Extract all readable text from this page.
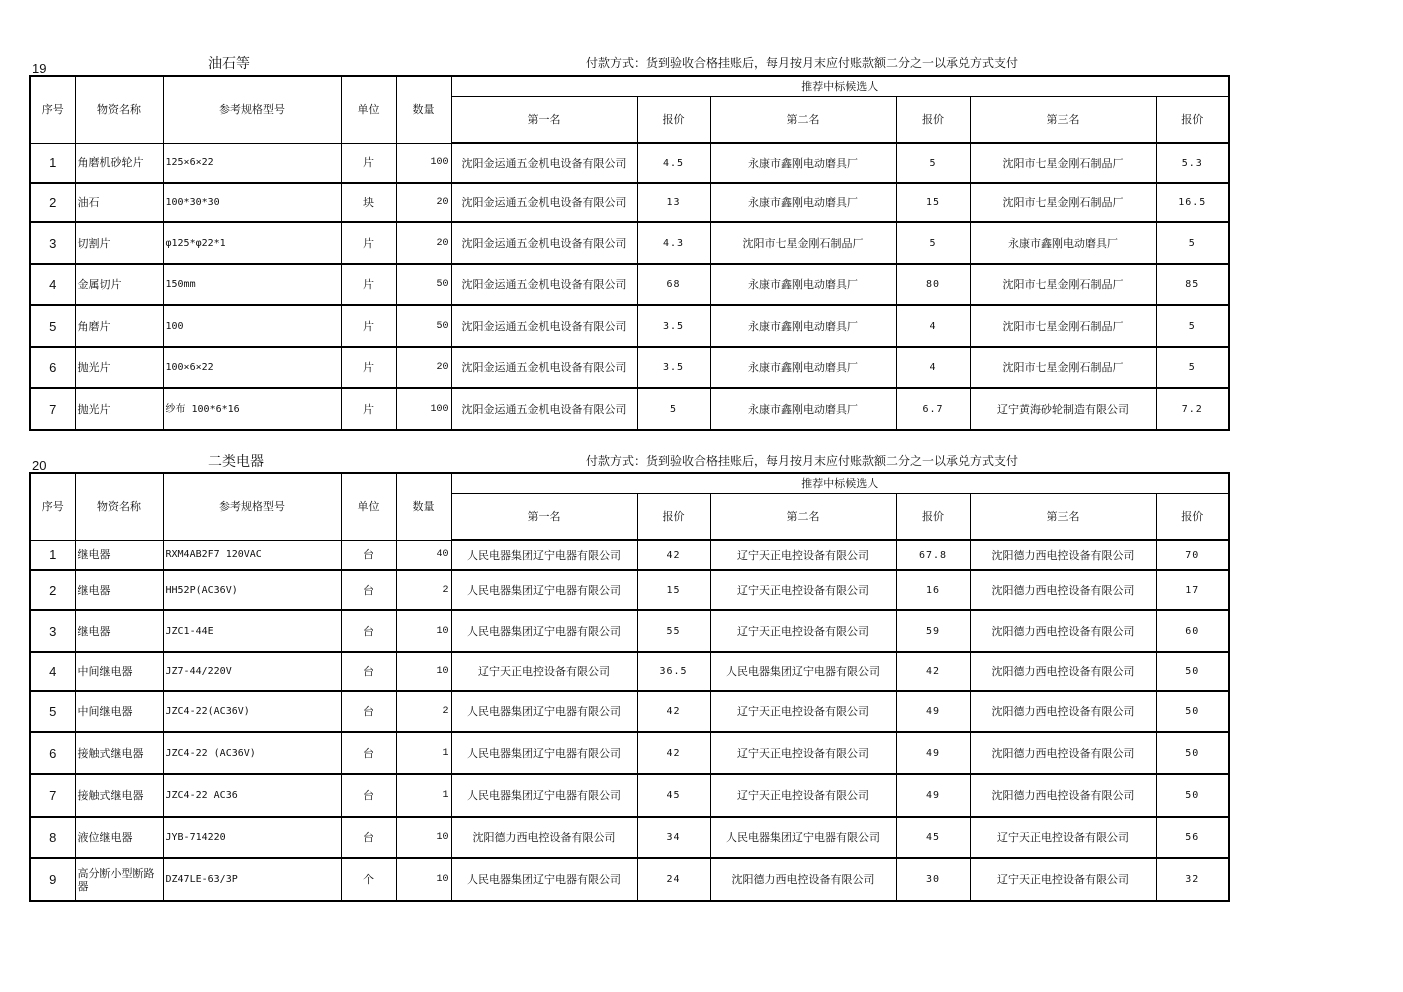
19	油石等	付款方式：货到验收合格挂账后，每月按月末应付账款额二分之一以承兑方式支付
序号	物资名称	参考规格型号	单位	数量	推荐中标候选人					
					第一名	报价	第二名	报价	第三名	报价
1	角磨机砂轮片	125×6×22	片	100	沈阳金运通五金机电设备有限公司	4.5	永康市鑫刚电动磨具厂	5	沈阳市七星金刚石制品厂	5.3
2	油石	100*30*30	块	20	沈阳金运通五金机电设备有限公司	13	永康市鑫刚电动磨具厂	15	沈阳市七星金刚石制品厂	16.5
3	切割片	φ125*φ22*1	片	20	沈阳金运通五金机电设备有限公司	4.3	沈阳市七星金刚石制品厂	5	永康市鑫刚电动磨具厂	5
4	金属切片	150mm	片	50	沈阳金运通五金机电设备有限公司	68	永康市鑫刚电动磨具厂	80	沈阳市七星金刚石制品厂	85
5	角磨片	100	片	50	沈阳金运通五金机电设备有限公司	3.5	永康市鑫刚电动磨具厂	4	沈阳市七星金刚石制品厂	5
6	抛光片	100×6×22	片	20	沈阳金运通五金机电设备有限公司	3.5	永康市鑫刚电动磨具厂	4	沈阳市七星金刚石制品厂	5
7	抛光片	纱布 100*6*16	片	100	沈阳金运通五金机电设备有限公司	5	永康市鑫刚电动磨具厂	6.7	辽宁黄海砂轮制造有限公司	7.2
20	二类电器	付款方式：货到验收合格挂账后，每月按月末应付账款额二分之一以承兑方式支付
序号	物资名称	参考规格型号	单位	数量	推荐中标候选人					
					第一名	报价	第二名	报价	第三名	报价
1	继电器	RXM4AB2F7 120VAC	台	40	人民电器集团辽宁电器有限公司	42	辽宁天正电控设备有限公司	67.8	沈阳德力西电控设备有限公司	70
2	继电器	HH52P(AC36V)	台	2	人民电器集团辽宁电器有限公司	15	辽宁天正电控设备有限公司	16	沈阳德力西电控设备有限公司	17
3	继电器	JZC1-44E	台	10	人民电器集团辽宁电器有限公司	55	辽宁天正电控设备有限公司	59	沈阳德力西电控设备有限公司	60
4	中间继电器	JZ7-44/220V	台	10	辽宁天正电控设备有限公司	36.5	人民电器集团辽宁电器有限公司	42	沈阳德力西电控设备有限公司	50
5	中间继电器	JZC4-22(AC36V)	台	2	人民电器集团辽宁电器有限公司	42	辽宁天正电控设备有限公司	49	沈阳德力西电控设备有限公司	50
6	接触式继电器	JZC4-22 (AC36V)	台	1	人民电器集团辽宁电器有限公司	42	辽宁天正电控设备有限公司	49	沈阳德力西电控设备有限公司	50
7	接触式继电器	JZC4-22 AC36	台	1	人民电器集团辽宁电器有限公司	45	辽宁天正电控设备有限公司	49	沈阳德力西电控设备有限公司	50
8	液位继电器	JYB-714220	台	10	沈阳德力西电控设备有限公司	34	人民电器集团辽宁电器有限公司	45	辽宁天正电控设备有限公司	56
9	高分断小型断路器	DZ47LE-63/3P	个	10	人民电器集团辽宁电器有限公司	24	沈阳德力西电控设备有限公司	30	辽宁天正电控设备有限公司	32
